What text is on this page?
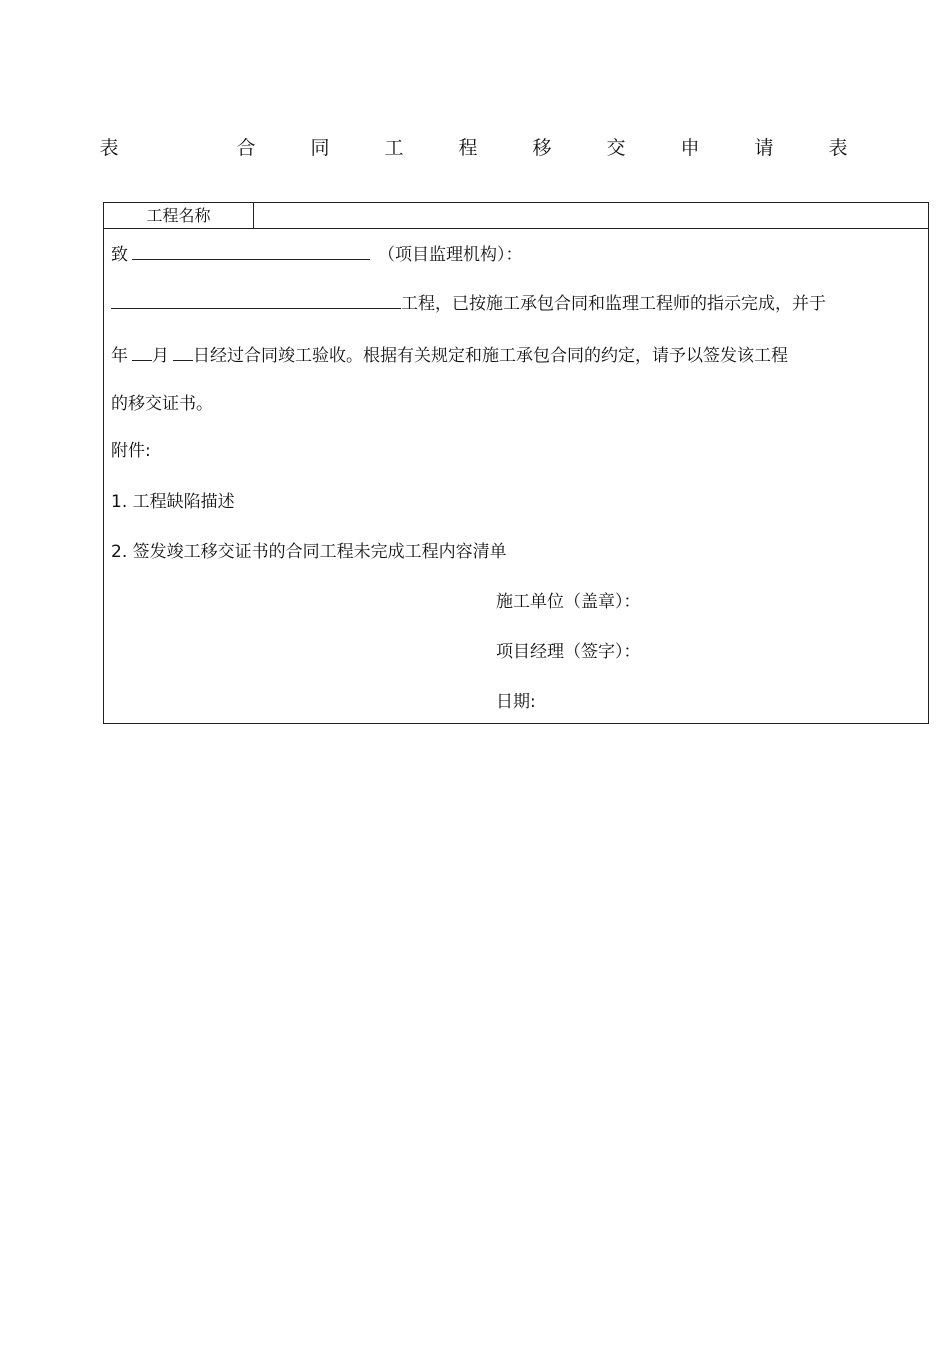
表	合	同	工	程	移	交	申	请	表
工程名称
致	（项目监理机构）：
工程，已按施工承包合同和监理工程师的指示完成，并于
年 月 日经过合同竣工验收。根据有关规定和施工承包合同的约定，请予以签发该工程
的移交证书。
附件:
1. 工程缺陷描述
2. 签发竣工移交证书的合同工程未完成工程内容清单
施工单位（盖章）：
项目经理（签字）：
日期:
